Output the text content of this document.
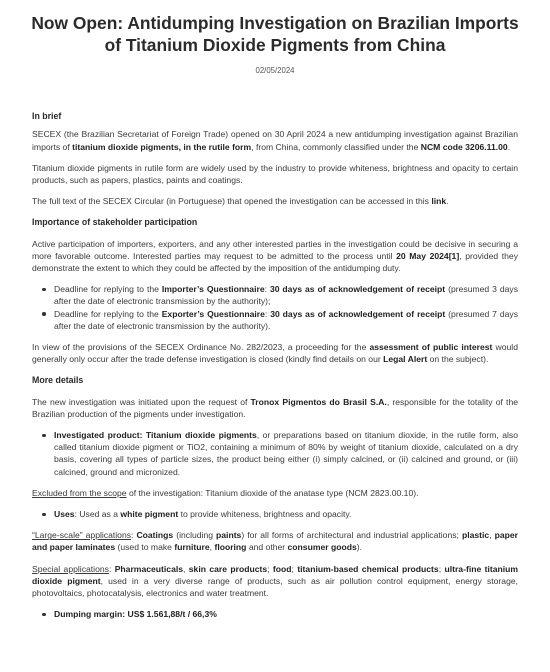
Now Open: Antidumping Investigation on Brazilian Imports of Titanium Dioxide Pigments from China
02/05/2024
In brief

SECEX (the Brazilian Secretariat of Foreign Trade) opened on 30 April 2024 a new antidumping investigation against Brazilian imports of titanium dioxide pigments, in the rutile form, from China, commonly classified under the NCM code 3206.11.00.

Titanium dioxide pigments in rutile form are widely used by the industry to provide whiteness, brightness and opacity to certain products, such as papers, plastics, paints and coatings.

The full text of the SECEX Circular (in Portuguese) that opened the investigation can be accessed in this link.

Importance of stakeholder participation

Active participation of importers, exporters, and any other interested parties in the investigation could be decisive in securing a more favorable outcome. Interested parties may request to be admitted to the process until 20 May 2024[1], provided they demonstrate the extent to which they could be affected by the imposition of the antidumping duty.

Deadline for replying to the Importer’s Questionnaire: 30 days as of acknowledgement of receipt (presumed 3 days after the date of electronic transmission by the authority);
Deadline for replying to the Exporter’s Questionnaire: 30 days as of acknowledgement of receipt (presumed 7 days after the date of electronic transmission by the authority).

In view of the provisions of the SECEX Ordinance No. 282/2023, a proceeding for the assessment of public interest would generally only occur after the trade defense investigation is closed (kindly find details on our Legal Alert on the subject).

More details

The new investigation was initiated upon the request of Tronox Pigmentos do Brasil S.A., responsible for the totality of the Brazilian production of the pigments under investigation.

Investigated product: Titanium dioxide pigments, or preparations based on titanium dioxide, in the rutile form, also called titanium dioxide pigment or TiO2, containing a minimum of 80% by weight of titanium dioxide, calculated on a dry basis, covering all types of particle sizes, the product being either (i) simply calcined, or (ii) calcined and ground, or (iii) calcined, ground and micronized.

Excluded from the scope of the investigation: Titanium dioxide of the anatase type (NCM 2823.00.10).

Uses: Used as a white pigment to provide whiteness, brightness and opacity.

“Large-scale” applications: Coatings (including paints) for all forms of architectural and industrial applications; plastic, paper and paper laminates (used to make furniture, flooring and other consumer goods).

Special applications: Pharmaceuticals, skin care products; food; titanium-based chemical products; ultra-fine titanium dioxide pigment, used in a very diverse range of products, such as air pollution control equipment, energy storage, photovoltaics, photocatalysis, electronics and water treatment.

Dumping margin: US$ 1.561,88/t / 66,3%
